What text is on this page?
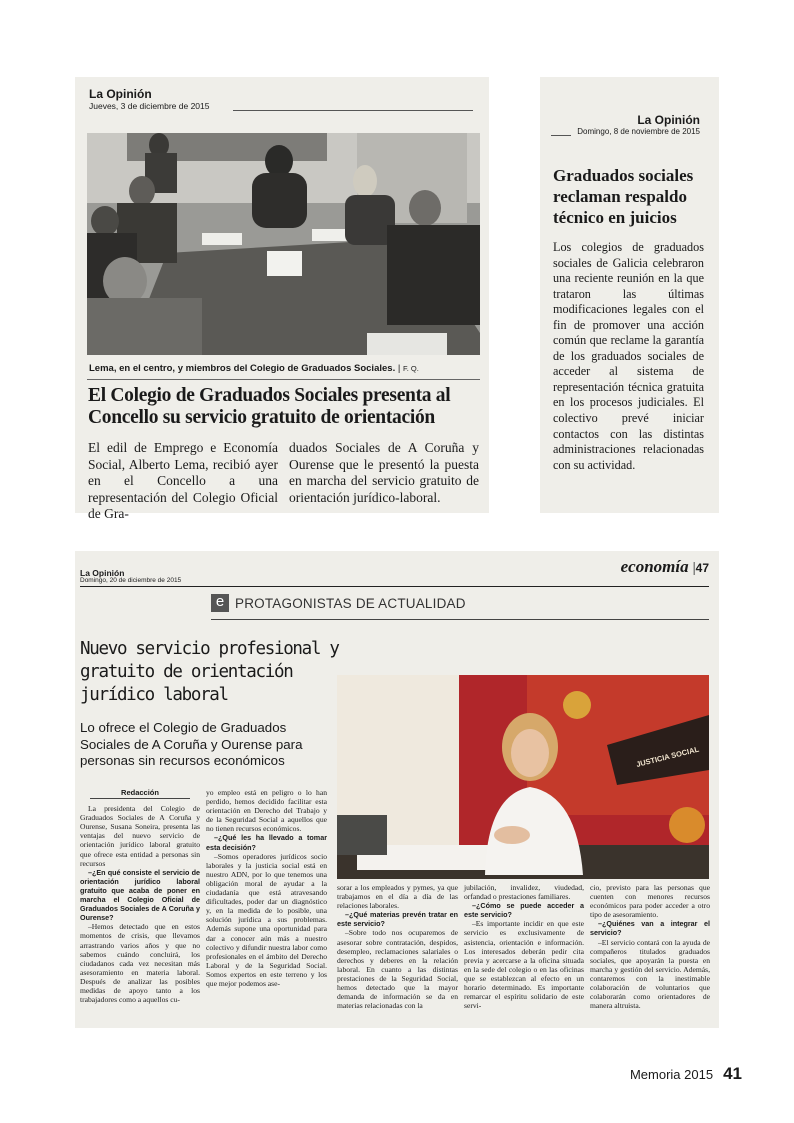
La Opinión
Jueves, 3 de diciembre de 2015
Lema, en el centro, y miembros del Colegio de Graduados Sociales. | F. Q.
El Colegio de Graduados Sociales presenta al Concello su servicio gratuito de orientación
El edil de Emprego e Economía Social, Alberto Lema, recibió ayer en el Concello a una representación del Colegio Oficial de Gra-
duados Sociales de A Coruña y Ourense que le presentó la puesta en marcha del servicio gratuito de orientación jurídico-laboral.
La Opinión
Domingo, 8 de noviembre de 2015
Graduados sociales reclaman respaldo técnico en juicios
Los colegios de graduados sociales de Galicia celebraron una reciente reunión en la que trataron las últimas modificaciones legales con el fin de promover una acción común que reclame la garantía de los graduados sociales de acceder al sistema de representación técnica gratuita en los procesos judiciales. El colectivo prevé iniciar contactos con las distintas administraciones relacionadas con su actividad.
La Opinión
Domingo, 20 de diciembre de 2015
economía |47
e PROTAGONISTAS DE ACTUALIDAD
Nuevo servicio profesional y gratuito de orientación jurídico laboral
Lo ofrece el Colegio de Graduados Sociales de A Coruña y Ourense para personas sin recursos económicos	JUSTICIA SOCIAL
Redacción

La presidenta del Colegio de Graduados Sociales de A Coruña y Ourense, Susana Soneira, presenta las ventajas del nuevo servicio de orientación jurídico laboral gratuito que ofrece esta entidad a personas sin recursos

–¿En qué consiste el servicio de orientación jurídico laboral gratuito que acaba de poner en marcha el Colegio Oficial de Graduados Sociales de A Coruña y Ourense?

–Hemos detectado que en estos momentos de crisis, que llevamos arrastrando varios años y que no sabemos cuándo concluirá, los ciudadanos cada vez necesitan más asesoramiento en materia laboral. Después de analizar las posibles medidas de apoyo tanto a los trabajadores como a aquellos cu-

yo empleo está en peligro o lo han perdido, hemos decidido facilitar esta orientación en Derecho del Trabajo y de la Seguridad Social a aquellos que no tienen recursos económicos.

–¿Qué les ha llevado a tomar esta decisión?

–Somos operadores jurídicos socio laborales y la justicia social está en nuestro ADN, por lo que tenemos una obligación moral de ayudar a la ciudadanía que está atravesando dificultades, poder dar un diagnóstico y, en la medida de lo posible, una solución jurídica a sus problemas. Además supone una oportunidad para dar a conocer aún más a nuestro colectivo y difundir nuestra labor como profesionales en el ámbito del Derecho Laboral y de la Seguridad Social. Somos expertos en este terreno y los que mejor podemos ase-

sorar a los empleados y pymes, ya que trabajamos en el día a día de las relaciones laborales.

–¿Qué materias prevén tratar en este servicio?

–Sobre todo nos ocuparemos de asesorar sobre contratación, despidos, desempleo, reclamaciones salariales o derechos y deberes en la relación laboral. En cuanto a las distintas prestaciones de la Seguridad Social, hemos detectado que la mayor demanda de información se da en materias relacionadas con la

jubilación, invalidez, viudedad, orfandad o prestaciones familiares.

–¿Cómo se puede acceder a este servicio?

–Es importante incidir en que este servicio es exclusivamente de asistencia, orientación e información. Los interesados deberán pedir cita previa y acercarse a la oficina situada en la sede del colegio o en las oficinas que se establezcan al efecto en un horario determinado. Es importante remarcar el espíritu solidario de este servi-

cio, previsto para las personas que cuenten con menores recursos económicos para poder acceder a otro tipo de asesoramiento.

–¿Quiénes van a integrar el servicio?

–El servicio contará con la ayuda de compañeros titulados graduados sociales, que apoyarán la puesta en marcha y gestión del servicio. Además, contaremos con la inestimable colaboración de voluntarios que colaborarán como orientadores de manera altruista.

Memoria 2015 41
